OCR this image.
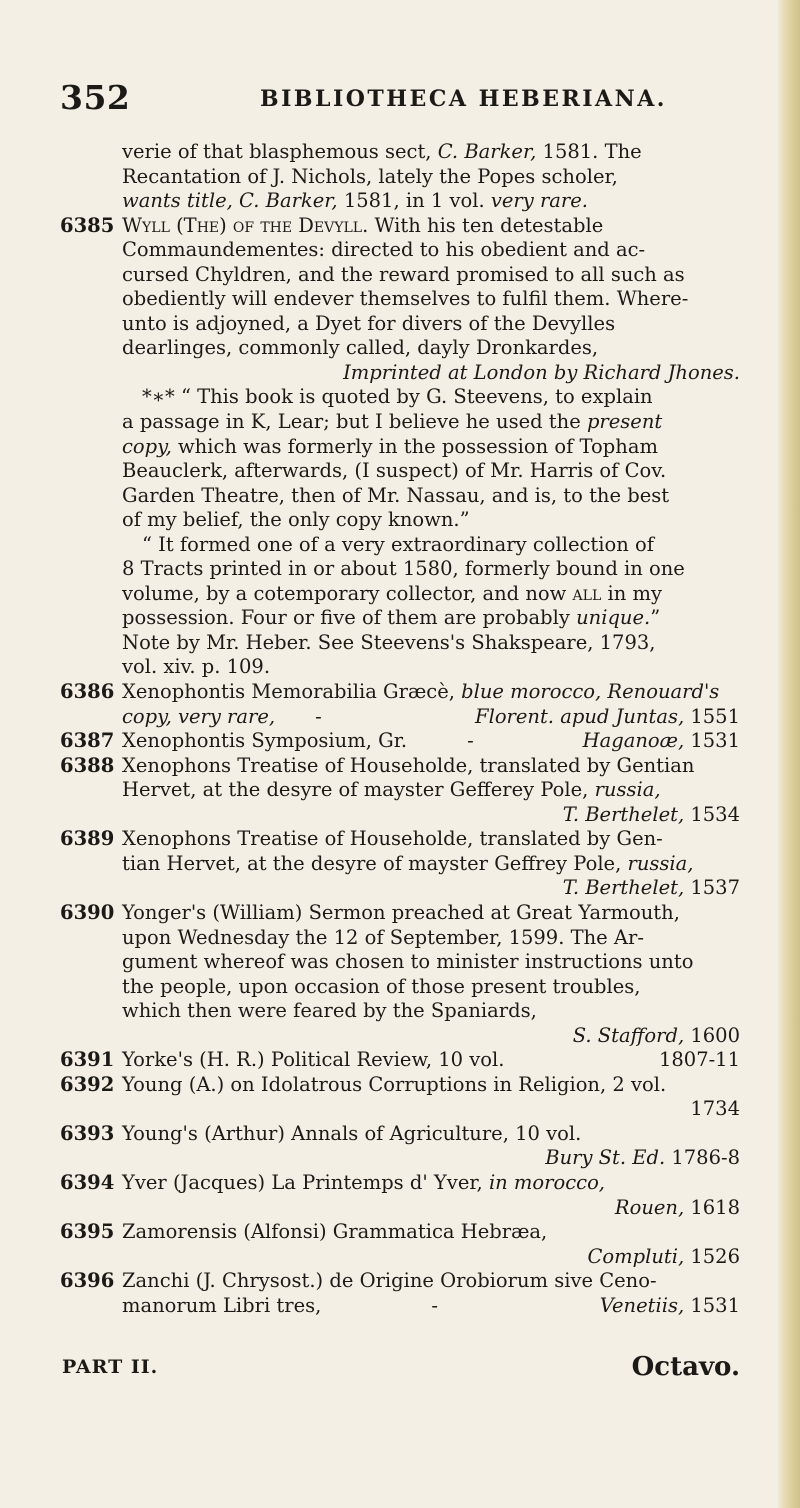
352	BIBLIOTHECA HEBERIANA.
verie of that blasphemous sect, C. Barker, 1581. The
Recantation of J. Nichols, lately the Popes scholer,
wants title, C. Barker, 1581, in 1 vol. very rare.
6385 Wyll (The) of the Devyll. With his ten detestable
Commaundementes: directed to his obedient and ac-
cursed Chyldren, and the reward promised to all such as
obediently will endever themselves to fulfil them. Where-
unto is adjoyned, a Dyet for divers of the Devylles
dearlinges, commonly called, dayly Dronkardes,
Imprinted at London by Richard Jhones.
*∗* “ This book is quoted by G. Steevens, to explain
a passage in K, Lear; but I believe he used the present
copy, which was formerly in the possession of Topham
Beauclerk, afterwards, (I suspect) of Mr. Harris of Cov.
Garden Theatre, then of Mr. Nassau, and is, to the best
of my belief, the only copy known.”
“ It formed one of a very extraordinary collection of
8 Tracts printed in or about 1580, formerly bound in one
volume, by a cotemporary collector, and now all in my
possession. Four or five of them are probably unique.”
Note by Mr. Heber. See Steevens's Shakspeare, 1793,
vol. xiv. p. 109.
6386 Xenophontis Memorabilia Græcè, blue morocco, Renouard's
copy, very rare, -	Florent. apud Juntas, 1551
6387 Xenophontis Symposium, Gr.	-	Haganoæ, 1531
6388 Xenophons Treatise of Householde, translated by Gentian
Hervet, at the desyre of mayster Gefferey Pole, russia,
T. Berthelet, 1534
6389 Xenophons Treatise of Householde, translated by Gen-
tian Hervet, at the desyre of mayster Geffrey Pole, russia,
T. Berthelet, 1537
6390 Yonger's (William) Sermon preached at Great Yarmouth,
upon Wednesday the 12 of September, 1599. The Ar-
gument whereof was chosen to minister instructions unto
the people, upon occasion of those present troubles,
which then were feared by the Spaniards,
S. Stafford, 1600
6391 Yorke's (H. R.) Political Review, 10 vol.	1807-11
6392 Young (A.) on Idolatrous Corruptions in Religion, 2 vol.
1734
6393 Young's (Arthur) Annals of Agriculture, 10 vol.
Bury St. Ed. 1786-8
6394 Yver (Jacques) La Printemps d' Yver, in morocco,
Rouen, 1618
6395 Zamorensis (Alfonsi) Grammatica Hebræa,
Compluti, 1526
6396 Zanchi (J. Chrysost.) de Origine Orobiorum sive Ceno-
manorum Libri tres,	-	Venetiis, 1531
PART II.	Octavo.
